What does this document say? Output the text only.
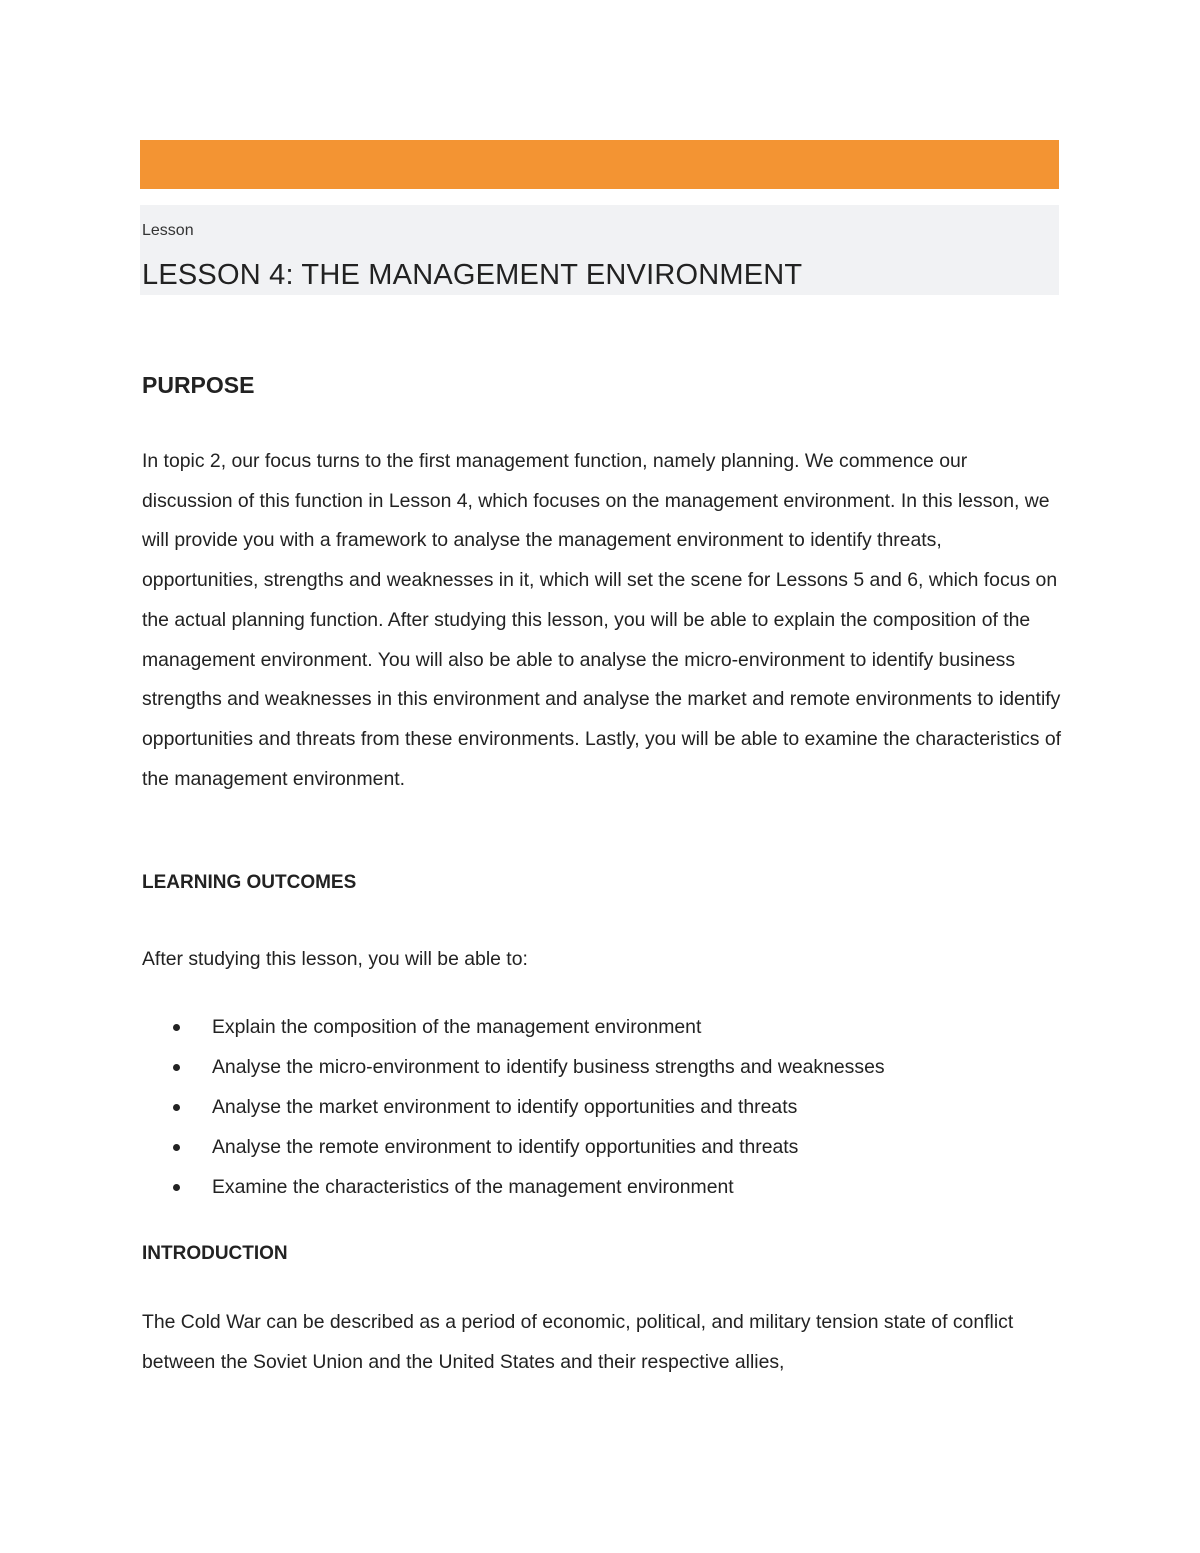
Lesson
LESSON 4: THE MANAGEMENT ENVIRONMENT
PURPOSE
In topic 2, our focus turns to the first management function, namely planning. We commence our discussion of this function in Lesson 4, which focuses on the management environment. In this lesson, we will provide you with a framework to analyse the management environment to identify threats, opportunities, strengths and weaknesses in it, which will set the scene for Lessons 5 and 6, which focus on the actual planning function. After studying this lesson, you will be able to explain the composition of the management environment. You will also be able to analyse the micro-environment to identify business strengths and weaknesses in this environment and analyse the market and remote environments to identify opportunities and threats from these environments. Lastly, you will be able to examine the characteristics of the management environment.
LEARNING OUTCOMES
After studying this lesson, you will be able to:
Explain the composition of the management environment
Analyse the micro-environment to identify business strengths and weaknesses
Analyse the market environment to identify opportunities and threats
Analyse the remote environment to identify opportunities and threats
Examine the characteristics of the management environment
INTRODUCTION
The Cold War can be described as a period of economic, political, and military tension state of conflict between the Soviet Union and the United States and their respective allies,
